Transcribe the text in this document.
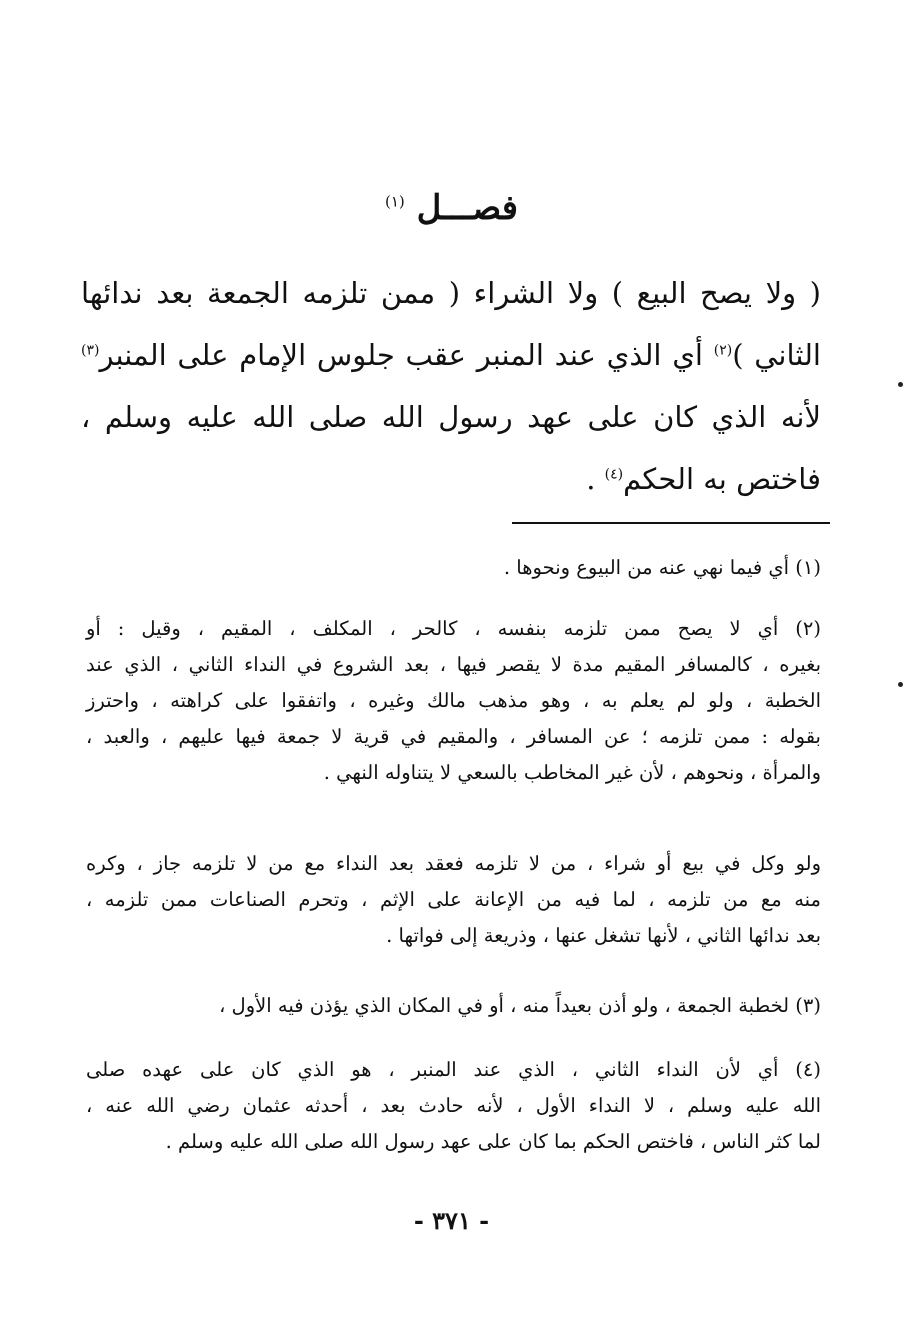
فصـــل $^{(١)}$
( ولا يصح البيع ) ولا الشراء ( ممن تلزمه الجمعة بعد ندائها
الثاني )$^{(٢)}$ أي الذي عند المنبر عقب جلوس الإمام على المنبر$^{(٣)}$
لأنه الذي كان على عهد رسول الله صلى الله عليه وسلم ،
فاختص به الحكم$^{(٤)}$ .
(١) أي فيما نهي عنه من البيوع ونحوها .
(٢) أي لا يصح ممن تلزمه بنفسه ، كالحر ، المكلف ، المقيم ، وقيل : أو
بغيره ، كالمسافر المقيم مدة لا يقصر فيها ، بعد الشروع في النداء الثاني ، الذي عند
الخطبة ، ولو لم يعلم به ، وهو مذهب مالك وغيره ، واتفقوا على كراهته ، واحترز
بقوله : ممن تلزمه ؛ عن المسافر ، والمقيم في قرية لا جمعة فيها عليهم ، والعبد ،
والمرأة ، ونحوهم ، لأن غير المخاطب بالسعي لا يتناوله النهي .
ولو وكل في بيع أو شراء ، من لا تلزمه فعقد بعد النداء مع من لا تلزمه جاز ، وكره
منه مع من تلزمه ، لما فيه من الإعانة على الإثم ، وتحرم الصناعات ممن تلزمه ،
بعد ندائها الثاني ، لأنها تشغل عنها ، وذريعة إلى فواتها .
(٣) لخطبة الجمعة ، ولو أذن بعيداً منه ، أو في المكان الذي يؤذن فيه الأول ،
(٤) أي لأن النداء الثاني ، الذي عند المنبر ، هو الذي كان على عهده صلى
الله عليه وسلم ، لا النداء الأول ، لأنه حادث بعد ، أحدثه عثمان رضي الله عنه ،
لما كثر الناس ، فاختص الحكم بما كان على عهد رسول الله صلى الله عليه وسلم .
- ٣٧١ -
